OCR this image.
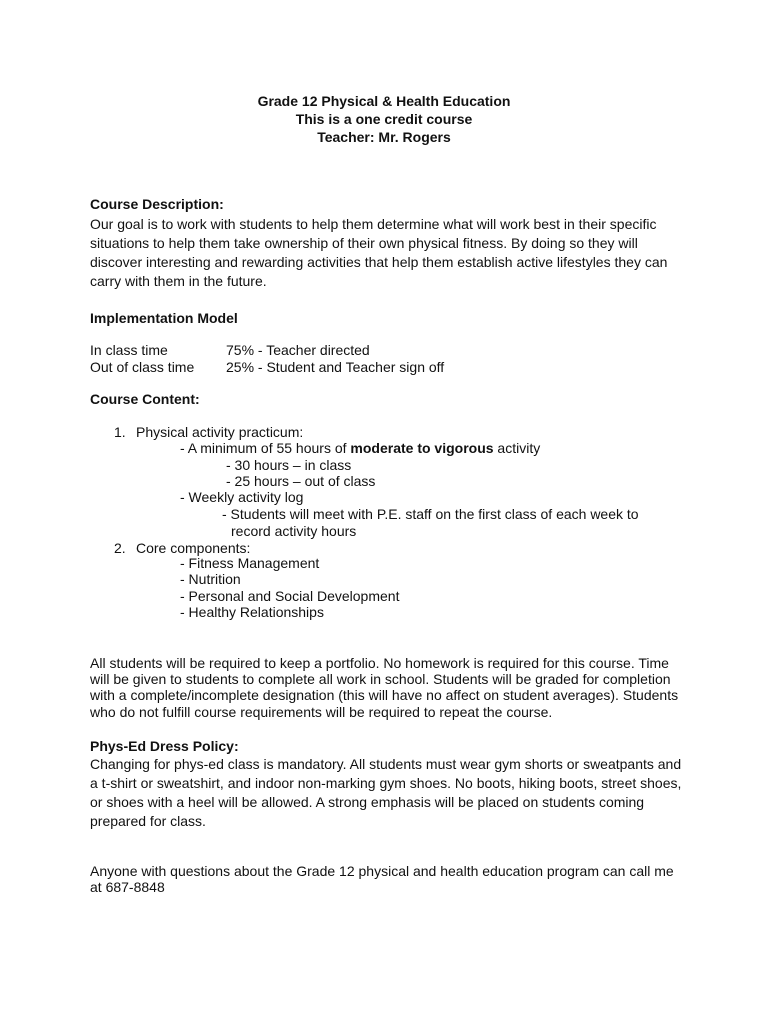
Grade 12 Physical & Health Education
This is a one credit course
Teacher: Mr. Rogers
Course Description:
Our goal is to work with students to help them determine what will work best in their specific
situations to help them take ownership of their own physical fitness. By doing so they will
discover interesting and rewarding activities that help them establish active lifestyles they can
carry with them in the future.
Implementation Model
In class time	75% - Teacher directed
Out of class time 25% - Student and Teacher sign off
Course Content:
1. Physical activity practicum:
- A minimum of 55 hours of moderate to vigorous activity
- 30 hours – in class
- 25 hours – out of class
- Weekly activity log
- Students will meet with P.E. staff on the first class of each week to
record activity hours
2. Core components:
- Fitness Management
- Nutrition
- Personal and Social Development
- Healthy Relationships
All students will be required to keep a portfolio. No homework is required for this course. Time
will be given to students to complete all work in school. Students will be graded for completion
with a complete/incomplete designation (this will have no affect on student averages). Students
who do not fulfill course requirements will be required to repeat the course.
Phys-Ed Dress Policy:
Changing for phys-ed class is mandatory. All students must wear gym shorts or sweatpants and
a t-shirt or sweatshirt, and indoor non-marking gym shoes. No boots, hiking boots, street shoes,
or shoes with a heel will be allowed. A strong emphasis will be placed on students coming
prepared for class.
Anyone with questions about the Grade 12 physical and health education program can call me
at 687-8848
